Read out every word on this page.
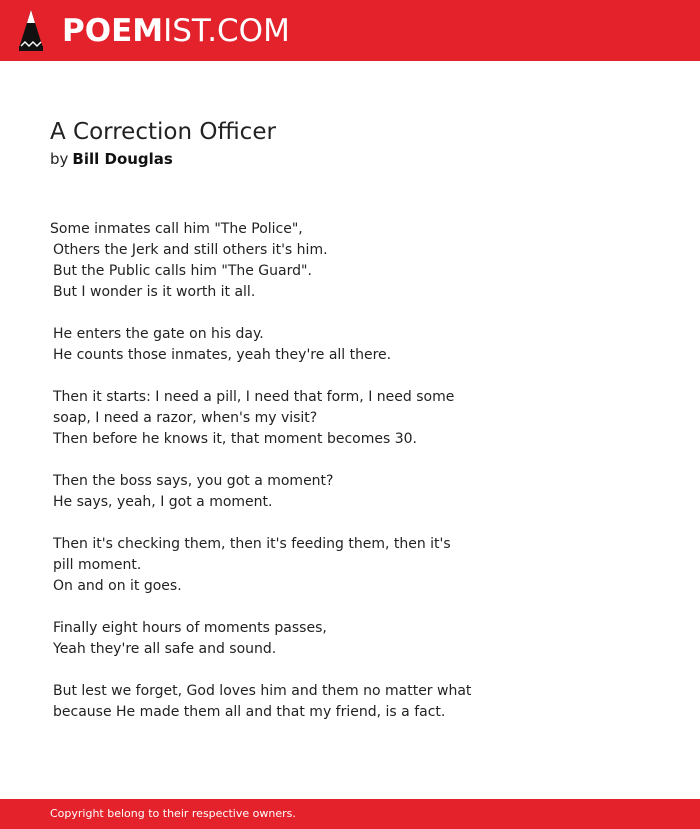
POEMIST.COM
A Correction Officer
by Bill Douglas
Some inmates call him "The Police",
Others the Jerk and still others it's him.
But the Public calls him "The Guard".
But I wonder is it worth it all.
He enters the gate on his day.
He counts those inmates, yeah they're all there.
Then it starts: I need a pill, I need that form, I need some
soap, I need a razor, when's my visit?
Then before he knows it, that moment becomes 30.
Then the boss says, you got a moment?
He says, yeah, I got a moment.
Then it's checking them, then it's feeding them, then it's
pill moment.
On and on it goes.
Finally eight hours of moments passes,
Yeah they're all safe and sound.
But lest we forget, God loves him and them no matter what
because He made them all and that my friend, is a fact.
Copyright belong to their respective owners.
